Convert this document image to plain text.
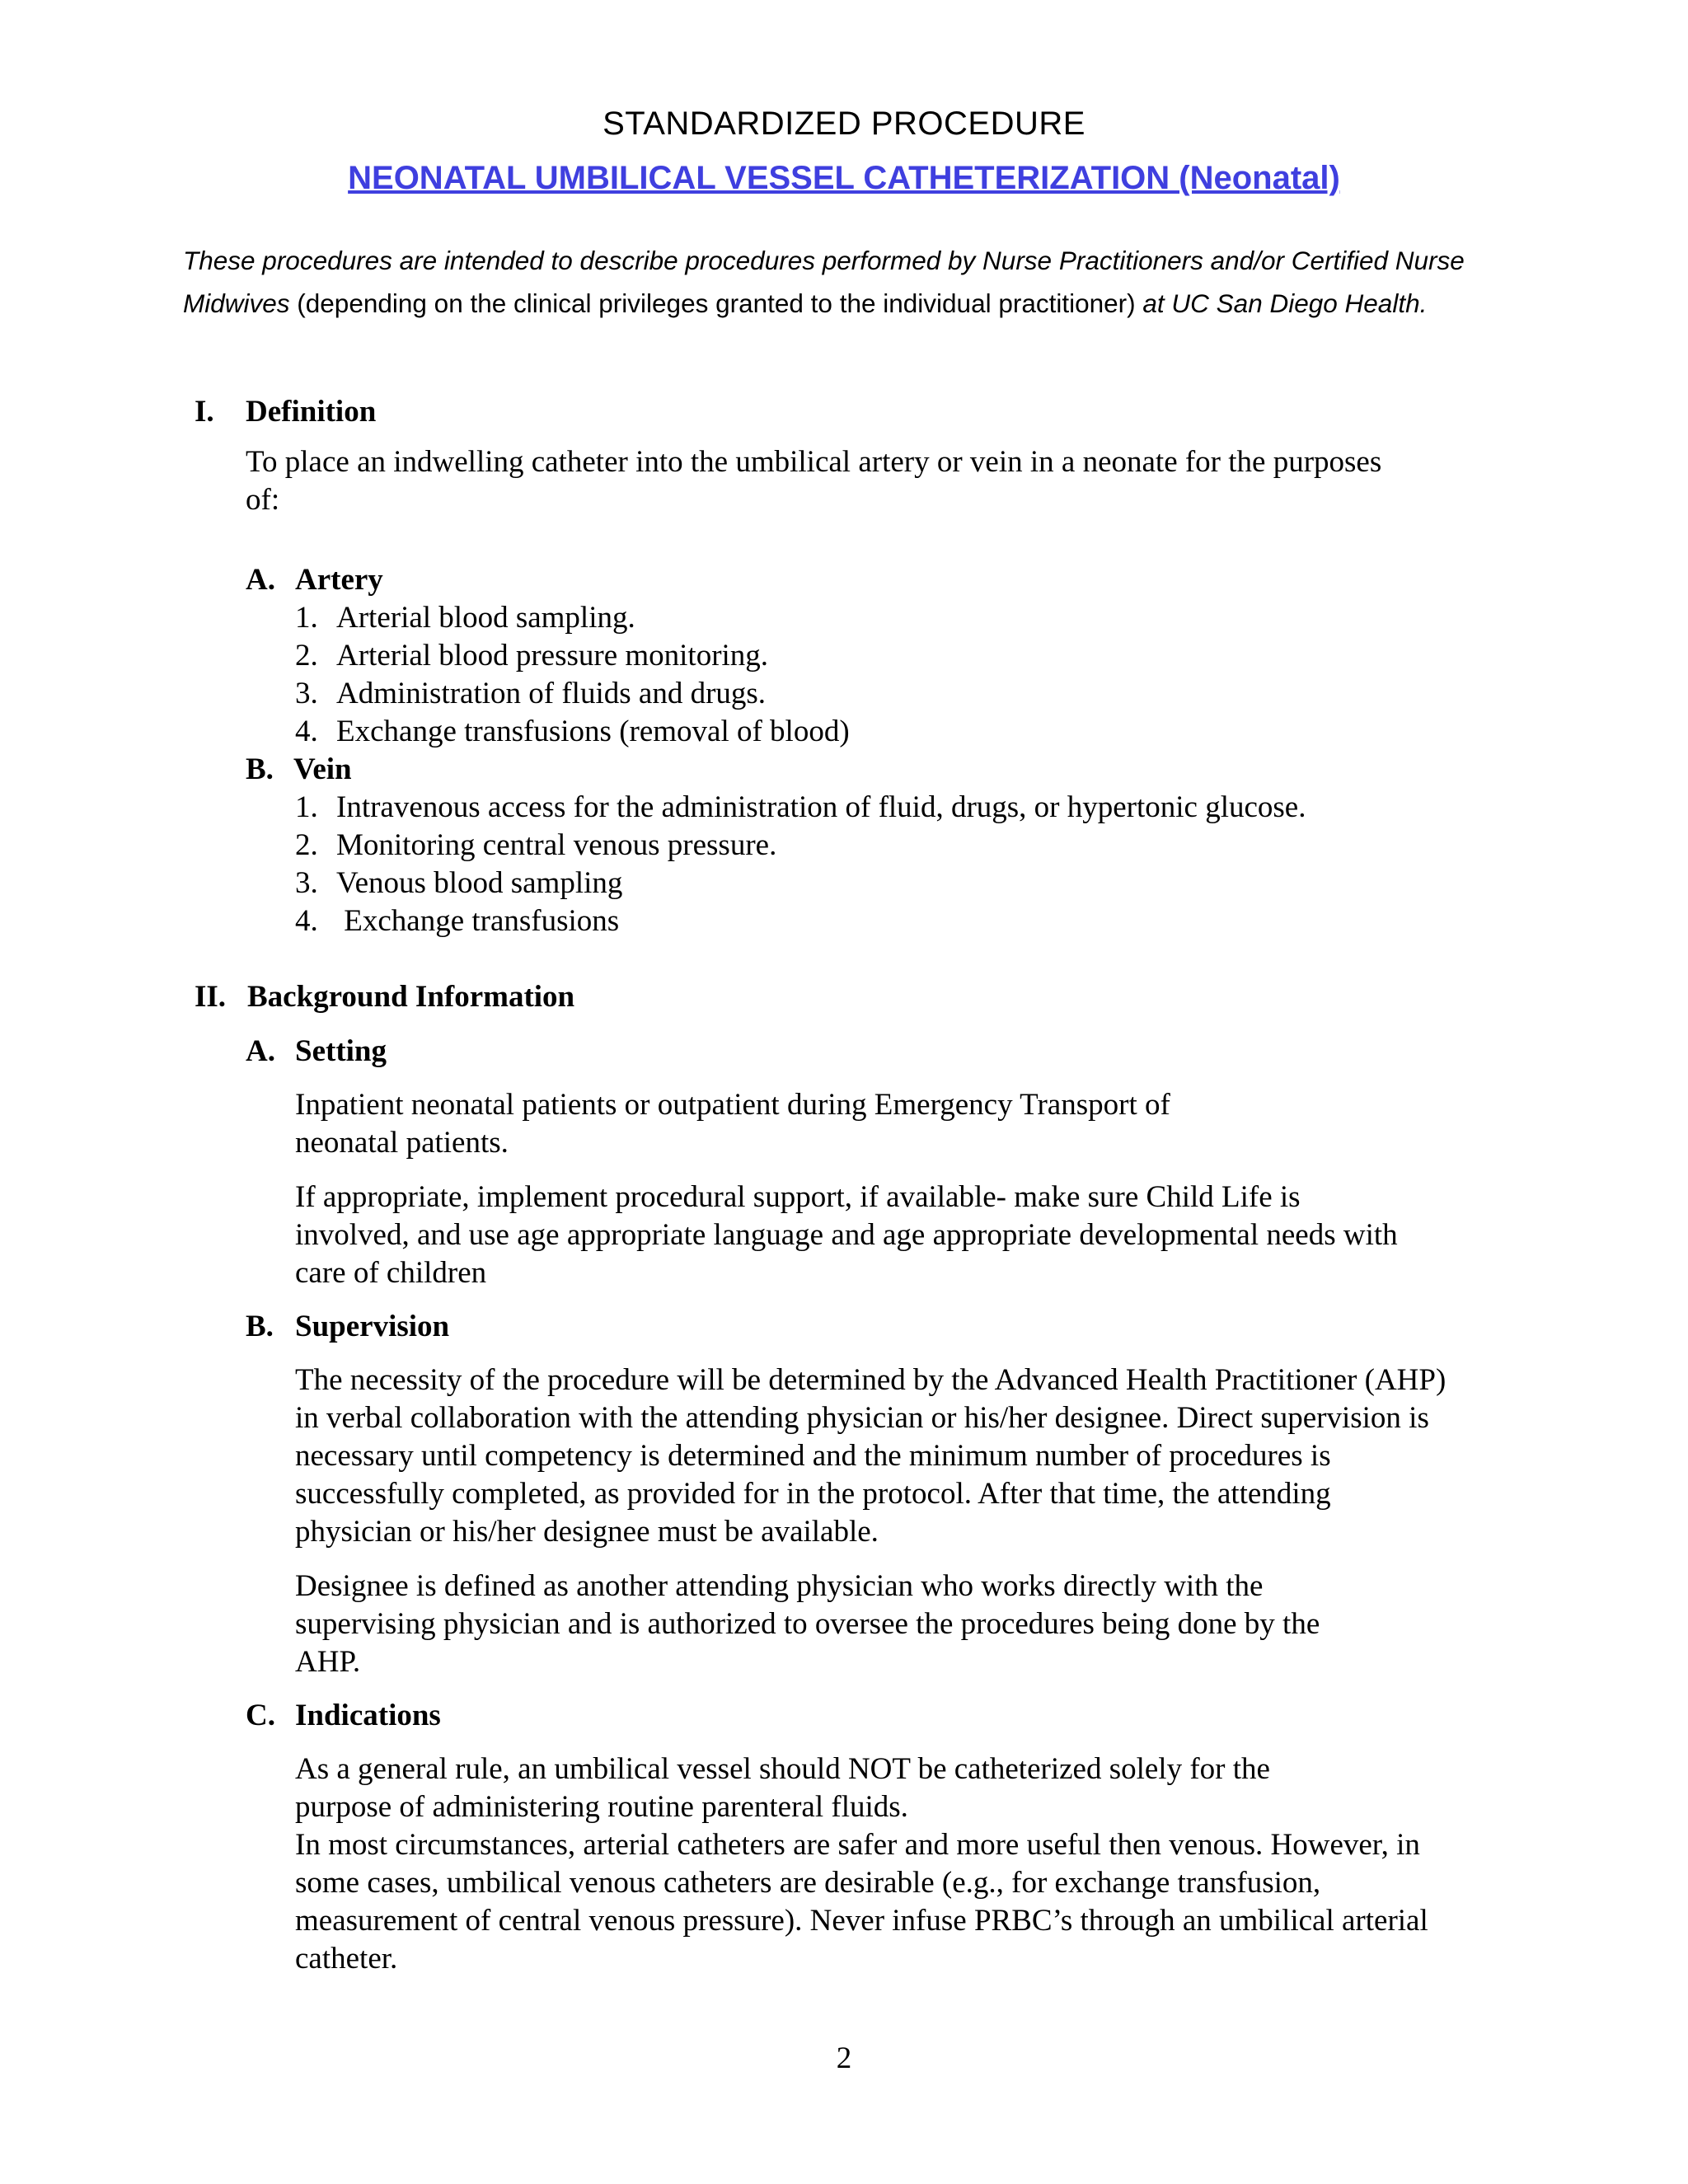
STANDARDIZED PROCEDURE
NEONATAL UMBILICAL VESSEL CATHETERIZATION (Neonatal)
These procedures are intended to describe procedures performed by Nurse Practitioners and/or Certified Nurse Midwives (depending on the clinical privileges granted to the individual practitioner) at UC San Diego Health.
I. Definition
To place an indwelling catheter into the umbilical artery or vein in a neonate for the purposes of:
A. Artery
1. Arterial blood sampling.
2. Arterial blood pressure monitoring.
3. Administration of fluids and drugs.
4. Exchange transfusions (removal of blood)
B. Vein
1. Intravenous access for the administration of fluid, drugs, or hypertonic glucose.
2. Monitoring central venous pressure.
3. Venous blood sampling
4. Exchange transfusions
II. Background Information
A. Setting
Inpatient neonatal patients or outpatient during Emergency Transport of neonatal patients.
If appropriate, implement procedural support, if available- make sure Child Life is involved, and use age appropriate language and age appropriate developmental needs with care of children
B. Supervision
The necessity of the procedure will be determined by the Advanced Health Practitioner (AHP) in verbal collaboration with the attending physician or his/her designee. Direct supervision is necessary until competency is determined and the minimum number of procedures is successfully completed, as provided for in the protocol. After that time, the attending physician or his/her designee must be available.
Designee is defined as another attending physician who works directly with the supervising physician and is authorized to oversee the procedures being done by the AHP.
C. Indications
As a general rule, an umbilical vessel should NOT be catheterized solely for the purpose of administering routine parenteral fluids.
In most circumstances, arterial catheters are safer and more useful then venous. However, in some cases, umbilical venous catheters are desirable (e.g., for exchange transfusion, measurement of central venous pressure). Never infuse PRBC’s through an umbilical arterial catheter.
2
